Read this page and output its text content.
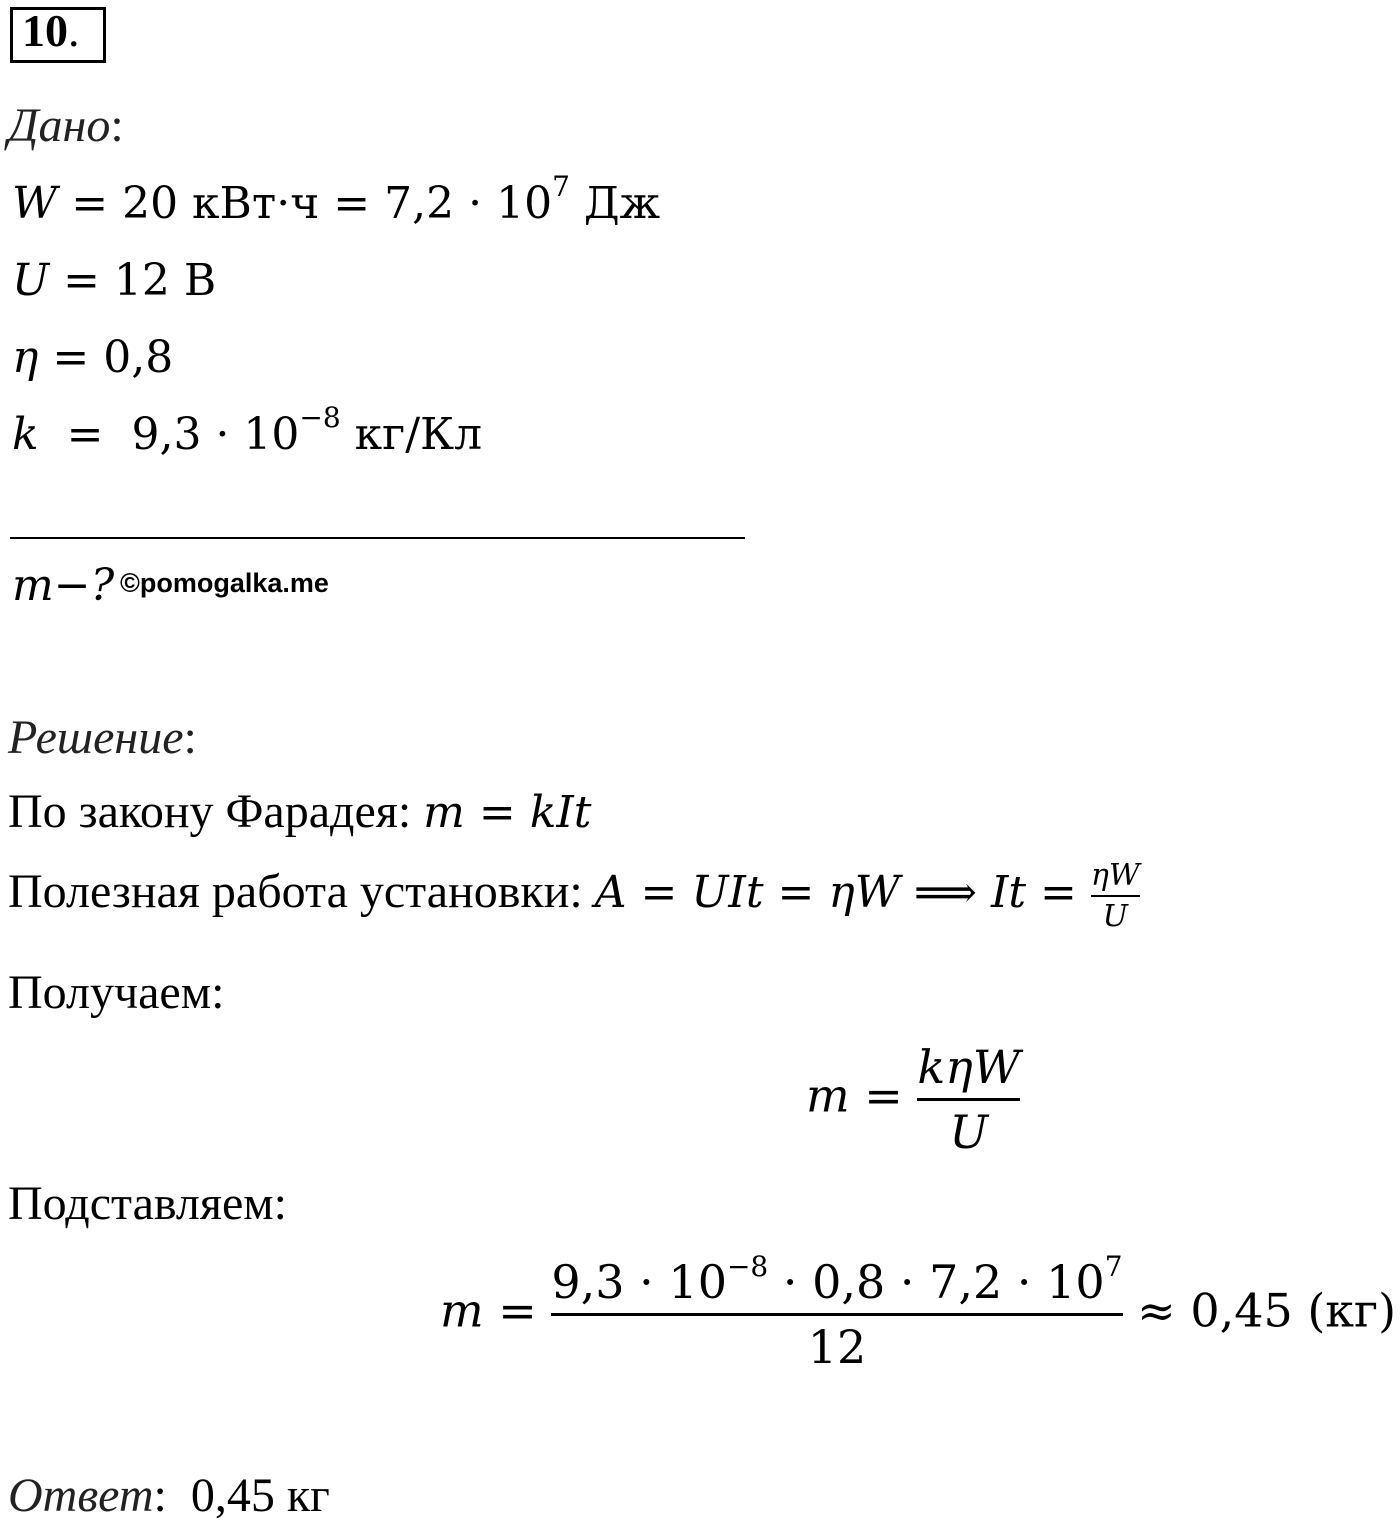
10.
Дано:
W = 20 $кВт\cdot ч = 7,2 \cdot 10^7$ Дж
U = 12 В
η = 0,8
$k = 9,3 \cdot 10^{-8}$ кг/Кл
m−? ©pomogalka.me
Решение:
По закону Фарадея: m = kIt
Полезная работа установки: A = UIt = ηW ⟹ $It = \frac{\eta W}{U}$
Получаем:
$m = \frac{\text{kηW}}{U}$
Подставляем:
$m = \frac{9,3 \cdot 10^{-8} \cdot 0,8 \cdot 7,2 \cdot 10^7}{12} \approx 0,45$ (кг)
Ответ:  0,45 кг
